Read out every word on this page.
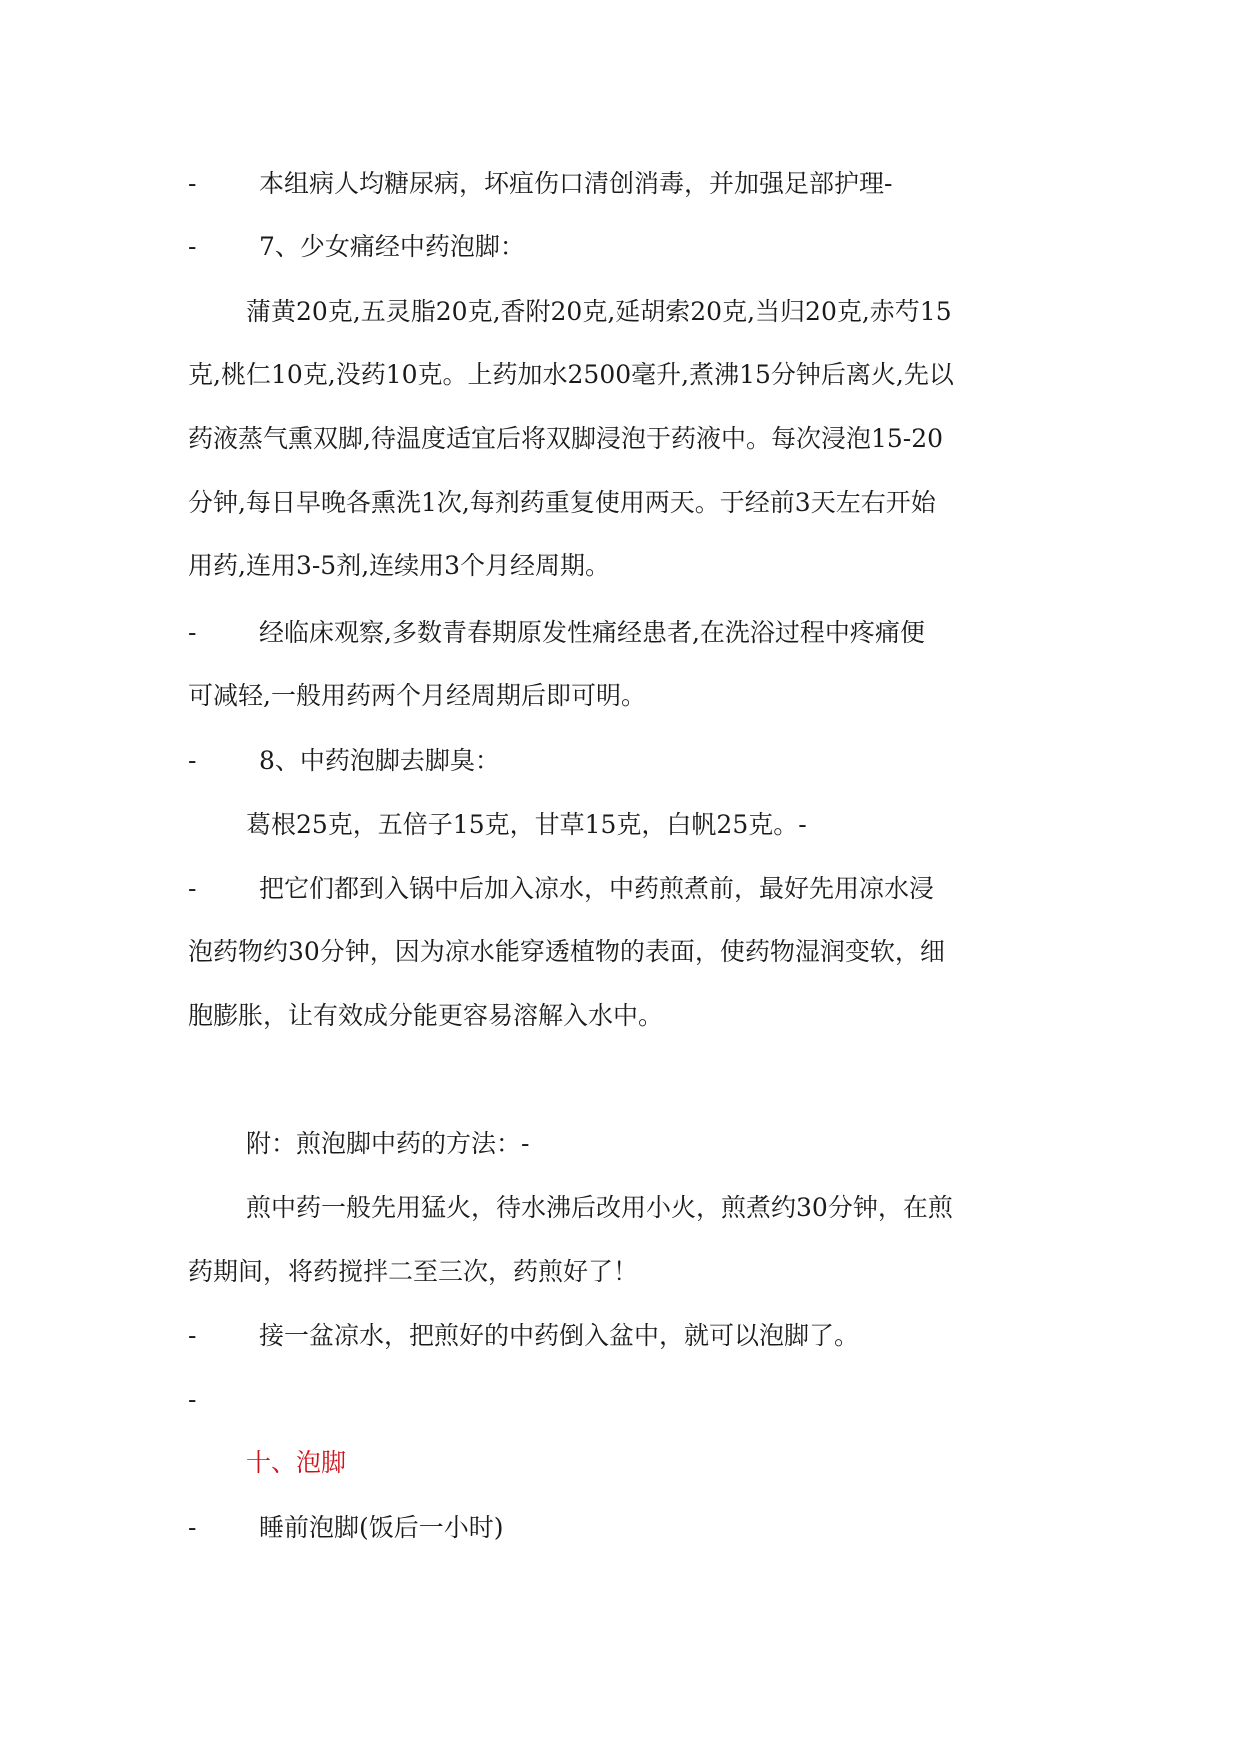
-	本组病人均糖尿病，坏疽伤口清创消毒，并加强足部护理-
-	7、少女痛经中药泡脚：
蒲黄20克,五灵脂20克,香附20克,延胡索20克,当归20克,赤芍15
克,桃仁10克,没药10克。上药加水2500毫升,煮沸15分钟后离火,先以
药液蒸气熏双脚,待温度适宜后将双脚浸泡于药液中。每次浸泡15-20
分钟,每日早晚各熏洗1次,每剂药重复使用两天。于经前3天左右开始
用药,连用3-5剂,连续用3个月经周期。
-	经临床观察,多数青春期原发性痛经患者,在洗浴过程中疼痛便
可减轻,一般用药两个月经周期后即可明。
-	8、中药泡脚去脚臭：
葛根25克，五倍子15克，甘草15克，白帆25克。-
-	把它们都到入锅中后加入凉水，中药煎煮前，最好先用凉水浸
泡药物约30分钟，因为凉水能穿透植物的表面，使药物湿润变软，细
胞膨胀，让有效成分能更容易溶解入水中。
附：煎泡脚中药的方法：-
煎中药一般先用猛火，待水沸后改用小火，煎煮约30分钟，在煎
药期间，将药搅拌二至三次，药煎好了！
-	接一盆凉水，把煎好的中药倒入盆中，就可以泡脚了。
-
十、泡脚
-	睡前泡脚(饭后一小时)
